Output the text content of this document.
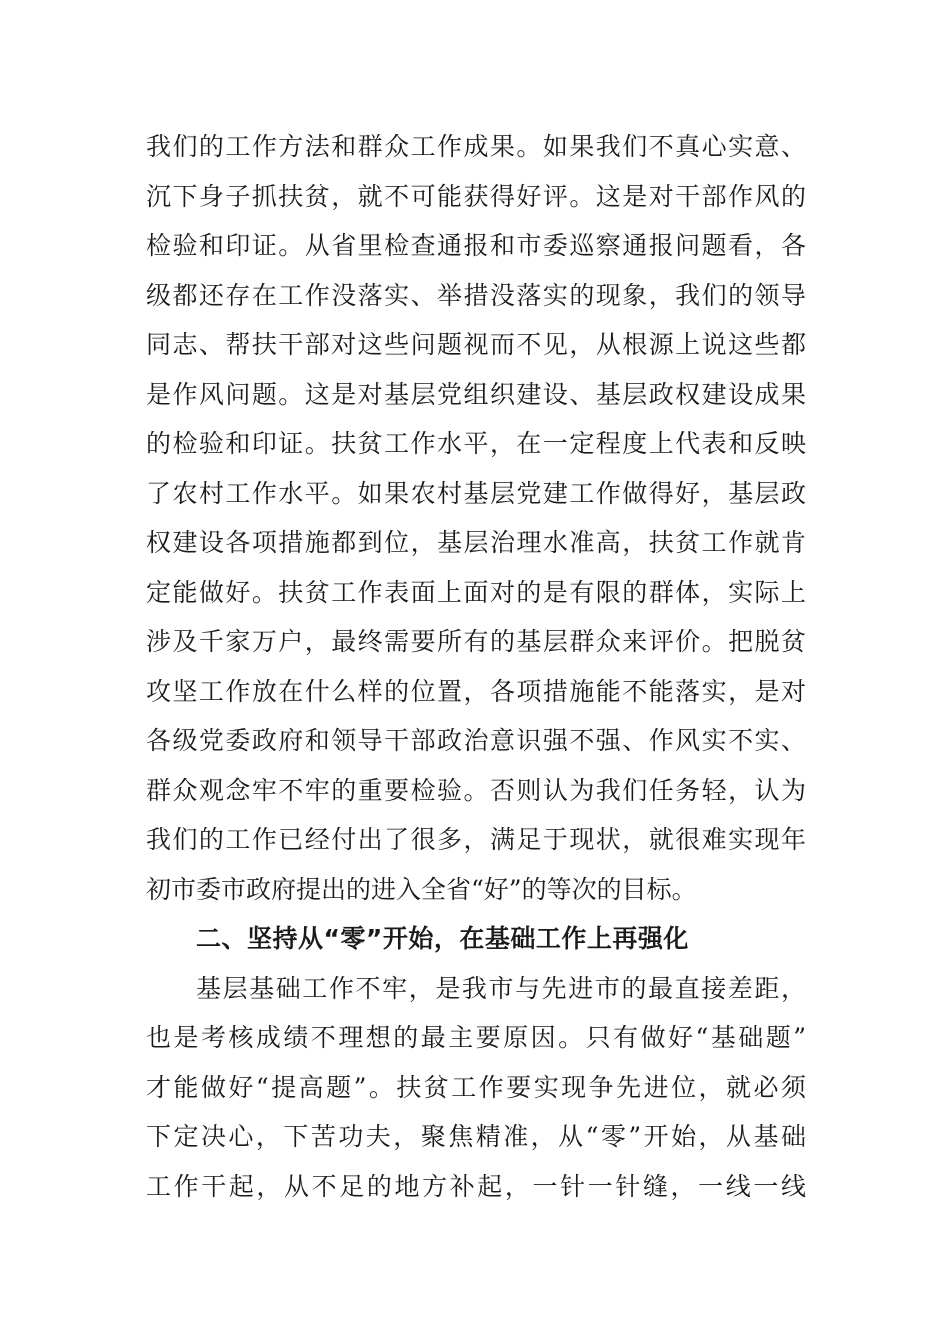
我们的工作方法和群众工作成果。如果我们不真心实意、
沉下身子抓扶贫，就不可能获得好评。这是对干部作风的
检验和印证。从省里检查通报和市委巡察通报问题看，各
级都还存在工作没落实、举措没落实的现象，我们的领导
同志、帮扶干部对这些问题视而不见，从根源上说这些都
是作风问题。这是对基层党组织建设、基层政权建设成果
的检验和印证。扶贫工作水平，在一定程度上代表和反映
了农村工作水平。如果农村基层党建工作做得好，基层政
权建设各项措施都到位，基层治理水准高，扶贫工作就肯
定能做好。扶贫工作表面上面对的是有限的群体，实际上
涉及千家万户，最终需要所有的基层群众来评价。把脱贫
攻坚工作放在什么样的位置，各项措施能不能落实，是对
各级党委政府和领导干部政治意识强不强、作风实不实、
群众观念牢不牢的重要检验。否则认为我们任务轻，认为
我们的工作已经付出了很多，满足于现状，就很难实现年
初市委市政府提出的进入全省“好”的等次的目标。
二、坚持从“零”开始，在基础工作上再强化
基层基础工作不牢，是我市与先进市的最直接差距，
也是考核成绩不理想的最主要原因。只有做好“基础题”
才能做好“提高题”。扶贫工作要实现争先进位，就必须
下定决心，下苦功夫，聚焦精准，从“零”开始，从基础
工作干起，从不足的地方补起，一针一针缝，一线一线
